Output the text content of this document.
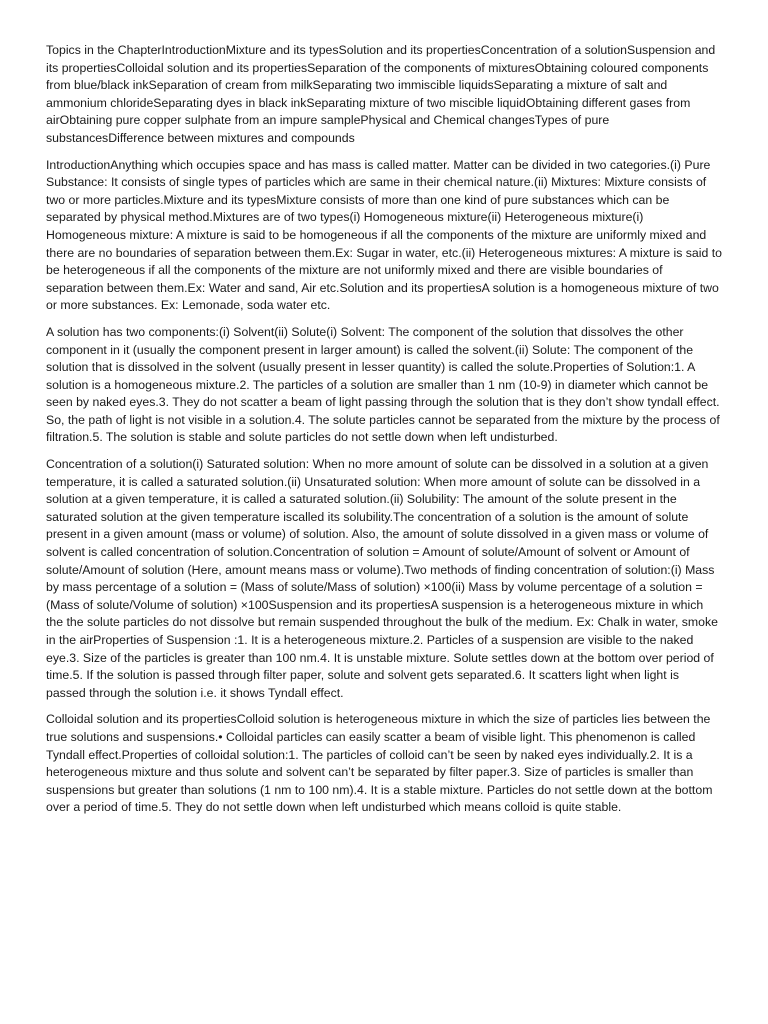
Topics in the ChapterIntroductionMixture and its typesSolution and its propertiesConcentration of a solutionSuspension and its propertiesColloidal solution and its propertiesSeparation of the components of mixturesObtaining coloured components from blue/black inkSeparation of cream from milkSeparating two immiscible liquidsSeparating a mixture of salt and ammonium chlorideSeparating dyes in black inkSeparating mixture of two miscible liquidObtaining different gases from airObtaining pure copper sulphate from an impure samplePhysical and Chemical changesTypes of pure substancesDifference between mixtures and compounds

IntroductionAnything which occupies space and has mass is called matter. Matter can be divided in two categories.(i) Pure Substance: It consists of single types of particles which are same in their chemical nature.(ii) Mixtures: Mixture consists of two or more particles.Mixture and its typesMixture consists of more than one kind of pure substances which can be separated by physical method.Mixtures are of two types(i) Homogeneous mixture(ii) Heterogeneous mixture(i) Homogeneous mixture: A mixture is said to be homogeneous if all the components of the mixture are uniformly mixed and there are no boundaries of separation between them.Ex: Sugar in water, etc.(ii) Heterogeneous mixtures: A mixture is said to be heterogeneous if all the components of the mixture are not uniformly mixed and there are visible boundaries of separation between them.Ex: Water and sand, Air etc.Solution and its propertiesA solution is a homogeneous mixture of two or more substances. Ex: Lemonade, soda water etc.

A solution has two components:(i) Solvent(ii) Solute(i) Solvent: The component of the solution that dissolves the other component in it (usually the component present in larger amount) is called the solvent.(ii) Solute: The component of the solution that is dissolved in the solvent (usually present in lesser quantity) is called the solute.Properties of Solution:1. A solution is a homogeneous mixture.2. The particles of a solution are smaller than 1 nm (10-9) in diameter which cannot be seen by naked eyes.3. They do not scatter a beam of light passing through the solution that is they don’t show tyndall effect. So, the path of light is not visible in a solution.4. The solute particles cannot be separated from the mixture by the process of filtration.5. The solution is stable and solute particles do not settle down when left undisturbed.

Concentration of a solution(i) Saturated solution: When no more amount of solute can be dissolved in a solution at a given temperature, it is called a saturated solution.(ii) Unsaturated solution: When more amount of solute can be dissolved in a solution at a given temperature, it is called a saturated solution.(ii) Solubility: The amount of the solute present in the saturated solution at the given temperature iscalled its solubility.The concentration of a solution is the amount of solute present in a given amount (mass or volume) of solution. Also, the amount of solute dissolved in a given mass or volume of solvent is called concentration of solution.Concentration of solution = Amount of solute/Amount of solvent or Amount of solute/Amount of solution (Here, amount means mass or volume).Two methods of finding concentration of solution:(i) Mass by mass percentage of a solution = (Mass of solute/Mass of solution) ×100(ii) Mass by volume percentage of a solution = (Mass of solute/Volume of solution) ×100Suspension and its propertiesA suspension is a heterogeneous mixture in which the the solute particles do not dissolve but remain suspended throughout the bulk of the medium. Ex: Chalk in water, smoke in the airProperties of Suspension :1. It is a heterogeneous mixture.2. Particles of a suspension are visible to the naked eye.3. Size of the particles is greater than 100 nm.4. It is unstable mixture. Solute settles down at the bottom over period of time.5. If the solution is passed through filter paper, solute and solvent gets separated.6. It scatters light when light is passed through the solution i.e. it shows Tyndall effect.

Colloidal solution and its propertiesColloid solution is heterogeneous mixture in which the size of particles lies between the true solutions and suspensions.• Colloidal particles can easily scatter a beam of visible light. This phenomenon is called Tyndall effect.Properties of colloidal solution:1. The particles of colloid can’t be seen by naked eyes individually.2. It is a heterogeneous mixture and thus solute and solvent can’t be separated by filter paper.3. Size of particles is smaller than suspensions but greater than solutions (1 nm to 100 nm).4. It is a stable mixture. Particles do not settle down at the bottom over a period of time.5. They do not settle down when left undisturbed which means colloid is quite stable.
